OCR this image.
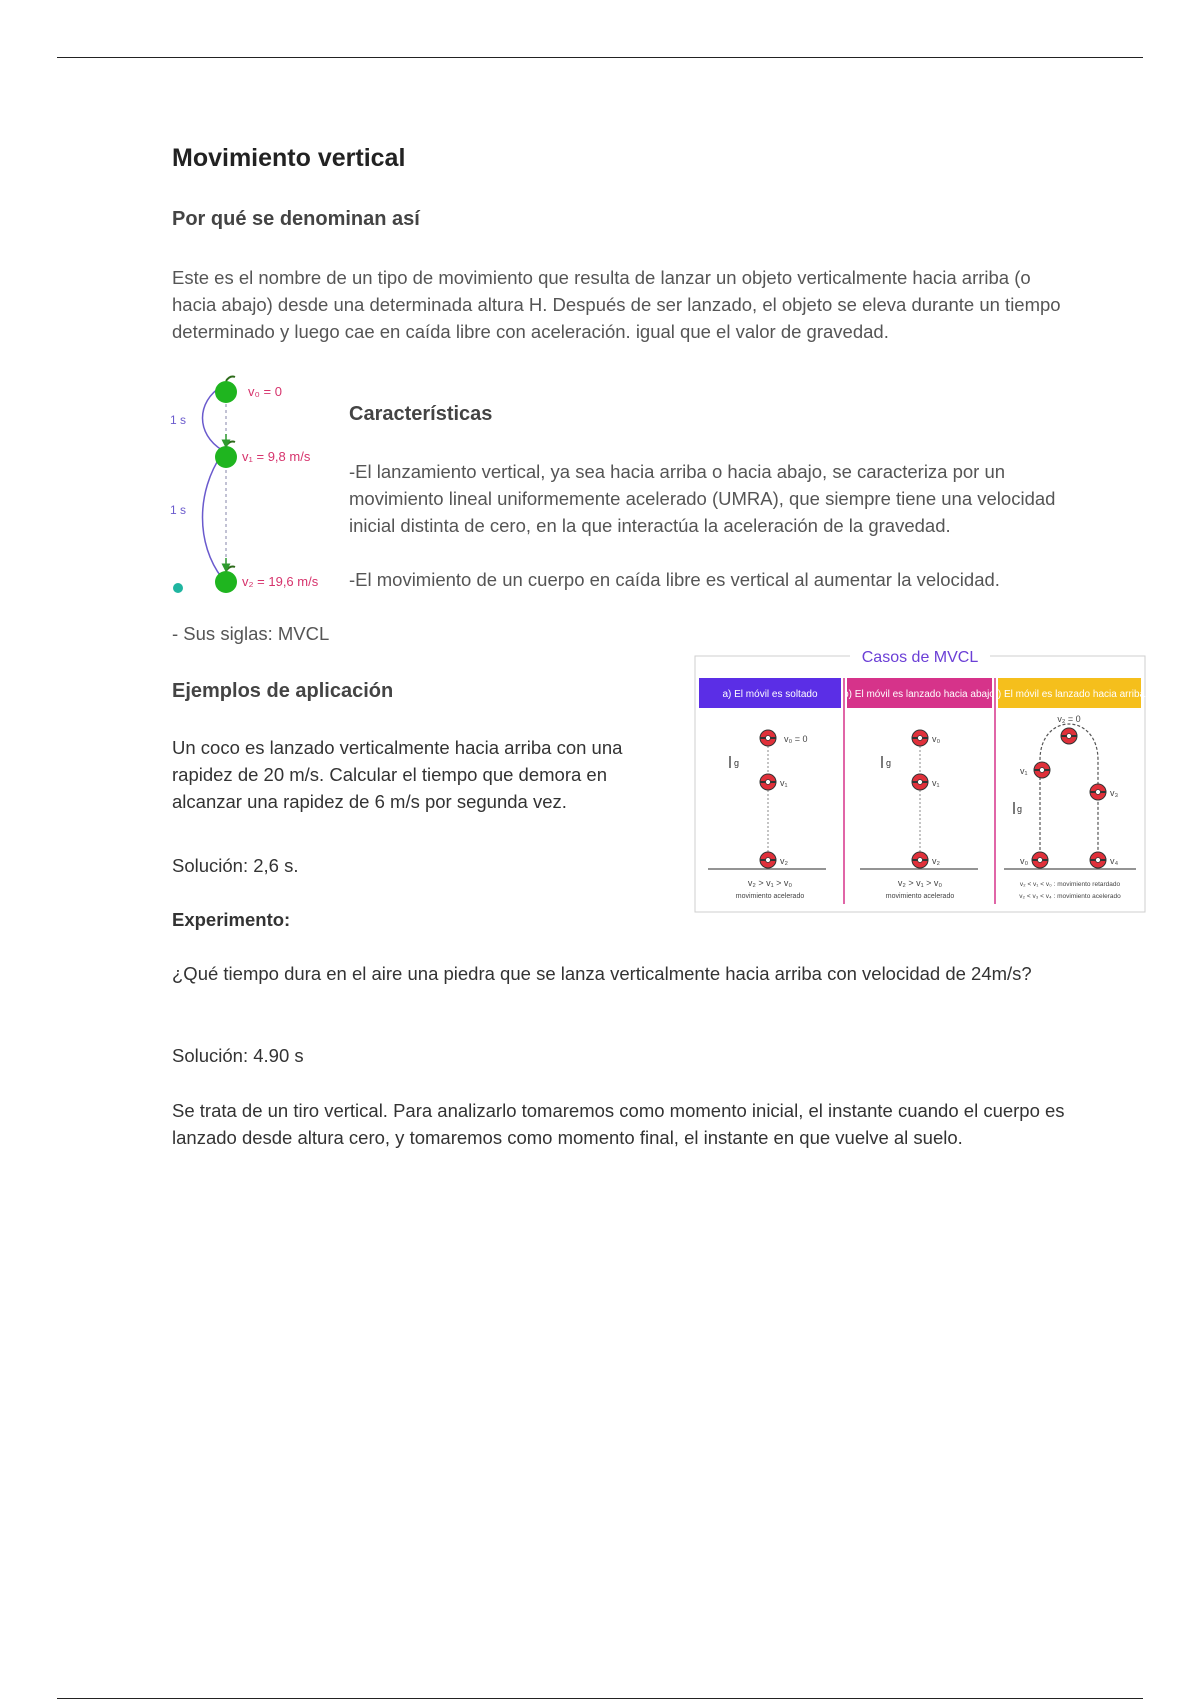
Movimiento vertical
Por qué se denominan así

Este es el nombre de un tipo de movimiento que resulta de lanzar un objeto verticalmente hacia arriba (o hacia abajo) desde una determinada altura H. Después de ser lanzado, el objeto se eleva durante un tiempo determinado y luego cae en caída libre con aceleración. igual que el valor de gravedad.

1 s
1 s
v₀ = 0
v₁ = 9,8 m/s
v₂ = 19,6 m/s
Características

-El lanzamiento vertical, ya sea hacia arriba o hacia abajo, se caracteriza por un movimiento lineal uniformemente acelerado (UMRA), que siempre tiene una velocidad inicial distinta de cero, en la que interactúa la aceleración de la gravedad.

-El movimiento de un cuerpo en caída libre es vertical al aumentar la velocidad.

- Sus siglas: MVCL

Ejemplos de aplicación

Un coco es lanzado verticalmente hacia arriba con una rapidez de 20 m/s. Calcular el tiempo que demora en alcanzar una rapidez de 6 m/s por segunda vez.

Solución: 2,6 s.

Casos de MVCL
a) El móvil es soltado	b) El móvil es lanzado hacia abajo
c) El móvil es lanzado hacia arriba
v₀ = 0
v₁
v₂
g
v₂ > v₁ > v₀
movimiento acelerado
v₀
v₁
v₂
g
v₂ > v₁ > v₀
movimiento acelerado
v₂ = 0
v₁
v₃
v₀	v₄
g
v₂ < v₁ < v₀ : movimiento retardado
v₂ < v₃ < v₄ : movimiento acelerado

Experimento:

¿Qué tiempo dura en el aire una piedra que se lanza verticalmente hacia arriba con velocidad de 24m/s?

Solución: 4.90 s

Se trata de un tiro vertical. Para analizarlo tomaremos como momento inicial, el instante cuando el cuerpo es lanzado desde altura cero, y tomaremos como momento final, el instante en que vuelve al suelo.
